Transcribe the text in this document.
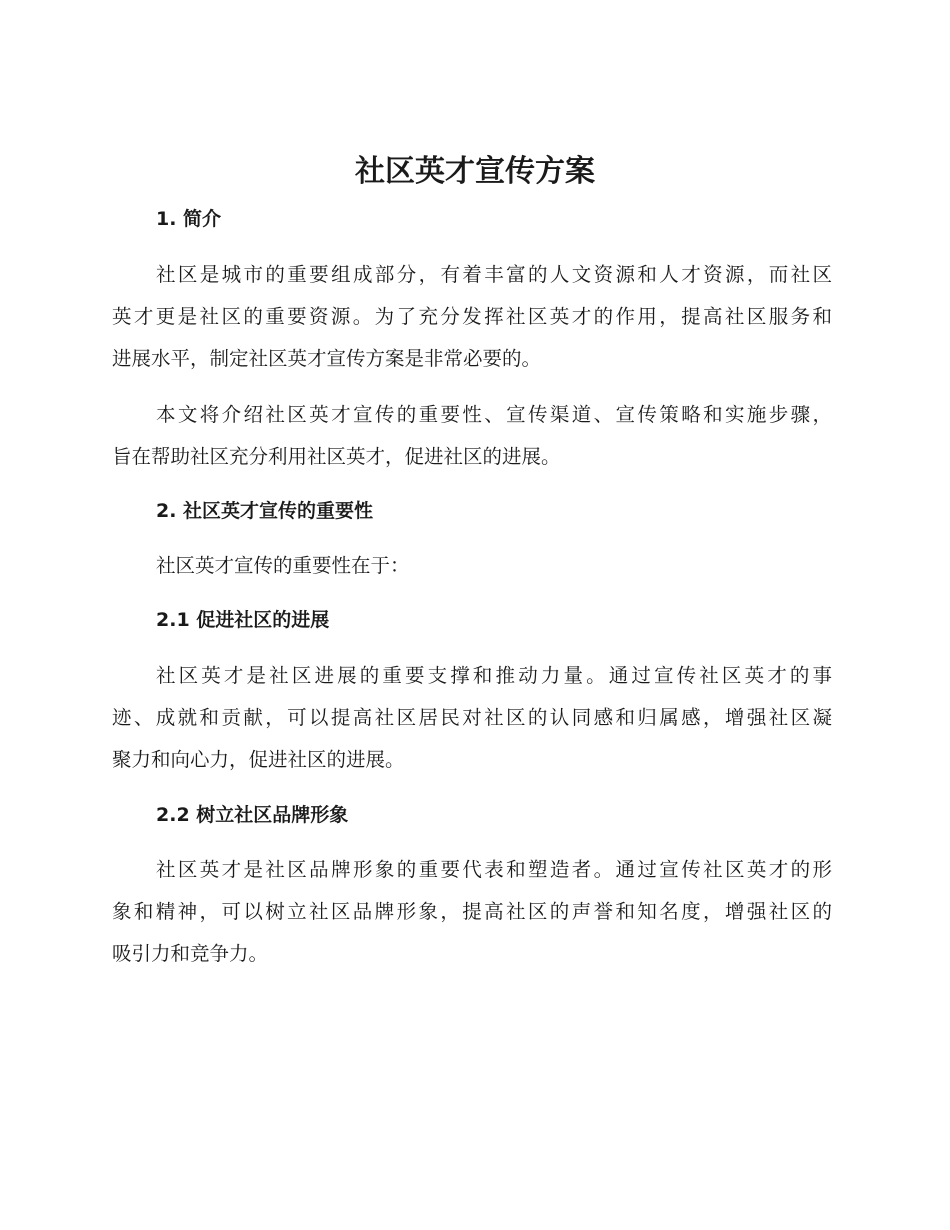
社区英才宣传方案
1. 简介
社区是城市的重要组成部分，有着丰富的人文资源和人才资源，而社区
英才更是社区的重要资源。为了充分发挥社区英才的作用，提高社区服务和
进展水平，制定社区英才宣传方案是非常必要的。
本文将介绍社区英才宣传的重要性、宣传渠道、宣传策略和实施步骤，
旨在帮助社区充分利用社区英才，促进社区的进展。
2. 社区英才宣传的重要性
社区英才宣传的重要性在于：
2.1 促进社区的进展
社区英才是社区进展的重要支撑和推动力量。通过宣传社区英才的事
迹、成就和贡献，可以提高社区居民对社区的认同感和归属感，增强社区凝
聚力和向心力，促进社区的进展。
2.2 树立社区品牌形象
社区英才是社区品牌形象的重要代表和塑造者。通过宣传社区英才的形
象和精神，可以树立社区品牌形象，提高社区的声誉和知名度，增强社区的
吸引力和竞争力。
